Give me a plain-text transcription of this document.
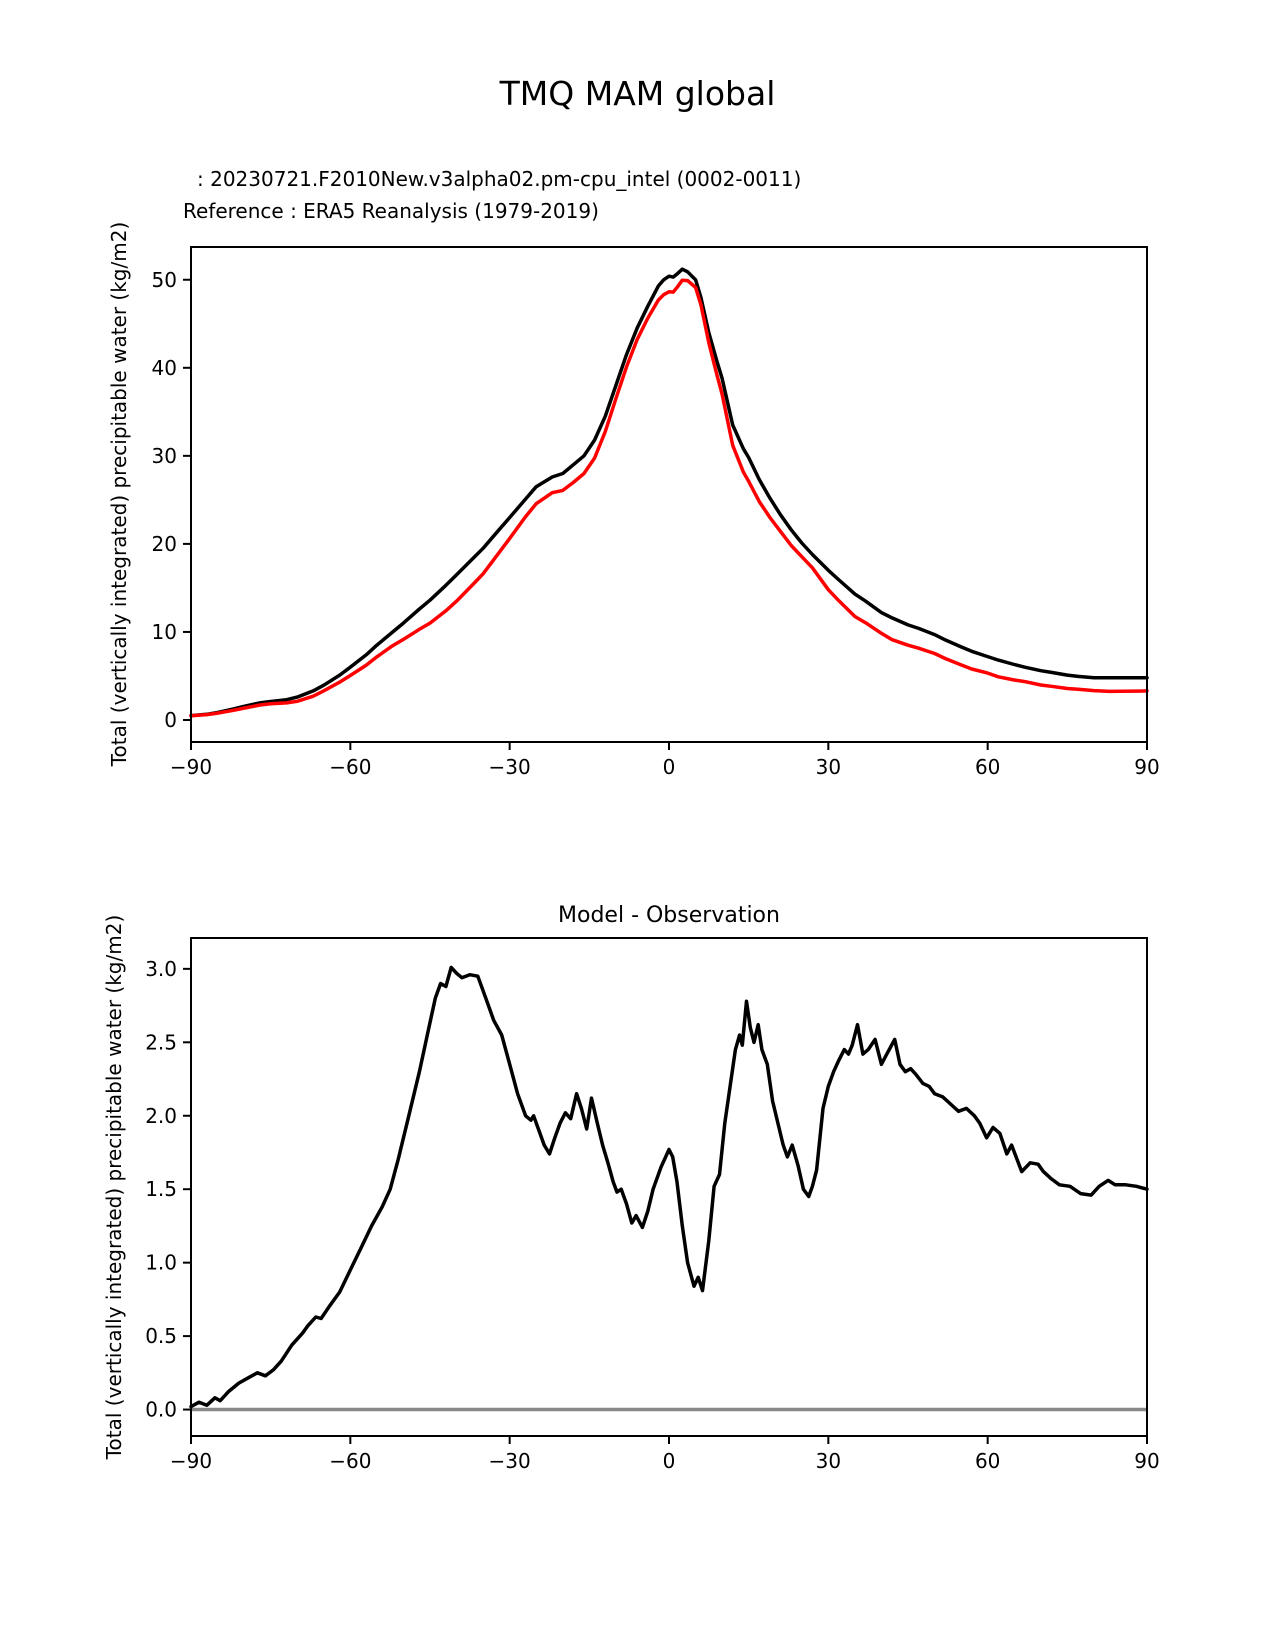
TMQ MAM global
: 20230721.F2010New.v3alpha02.pm-cpu_intel (0002-0011)
Reference : ERA5 Reanalysis (1979-2019)
Total (vertically integrated) precipitable water (kg/m2)
Total (vertically integrated) precipitable water (kg/m2)	Model - Observation
−90	−60	−30	0	30	60	90
0
10
20
30
40
50
−90	−60	−30	0	30	60	90
0.0
0.5
1.0
1.5
2.0
2.5
3.0
